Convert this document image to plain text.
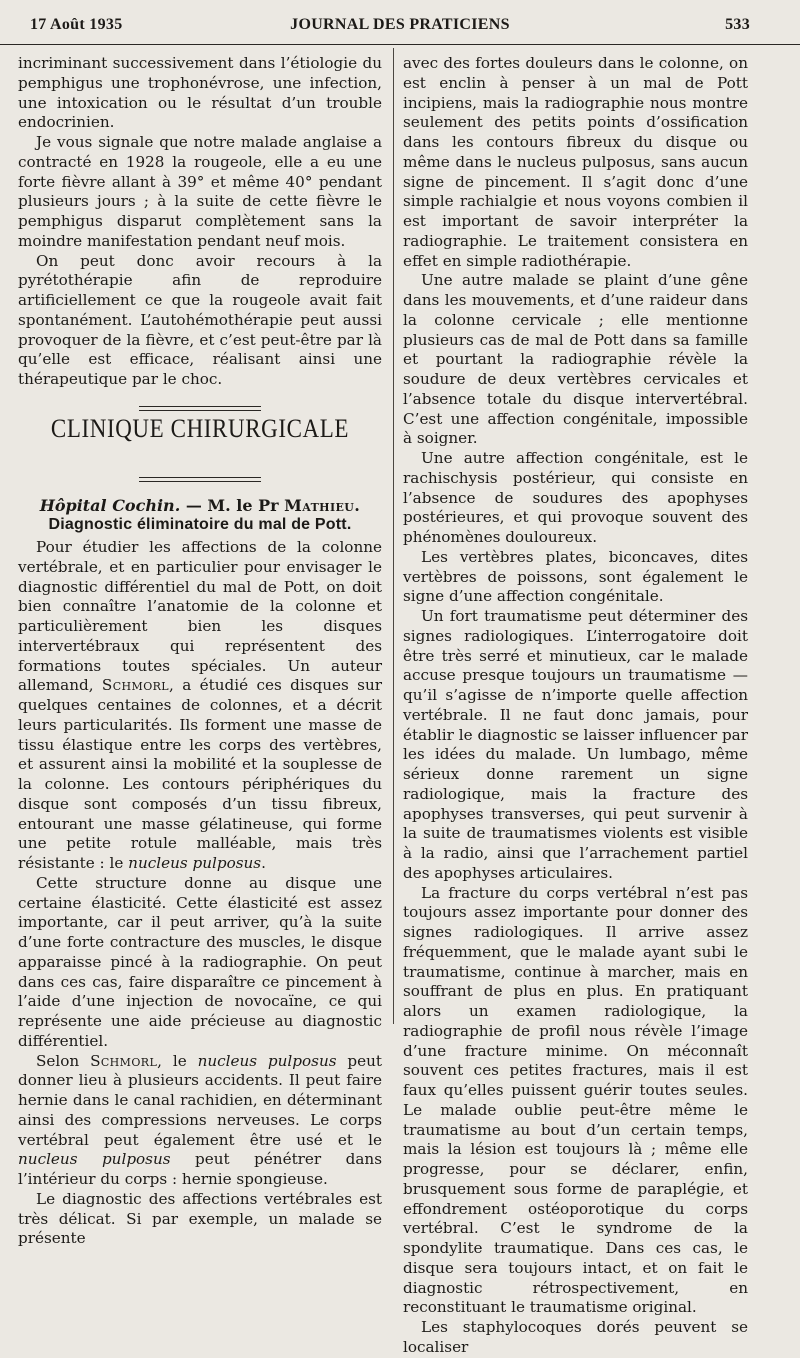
17 Août 1935	JOURNAL DES PRATICIENS	533

incriminant successivement dans l’étiologie du pemphigus une trophonévrose, une infection, une intoxication ou le résultat d’un trouble endocrinien.

Je vous signale que notre malade anglaise a contracté en 1928 la rougeole, elle a eu une forte fièvre allant à 39° et même 40° pendant plusieurs jours ; à la suite de cette fièvre le pemphigus disparut complètement sans la moindre manifestation pendant neuf mois.

On peut donc avoir recours à la pyrétothérapie afin de reproduire artificiellement ce que la rougeole avait fait spontanément. L’autohémothérapie peut aussi provoquer de la fièvre, et c’est peut-être par là qu’elle est efficace, réalisant ainsi une thérapeutique par le choc.

CLINIQUE CHIRURGICALE
Hôpital Cochin. — M. le Pr Mathieu.
Diagnostic éliminatoire du mal de Pott.

Pour étudier les affections de la colonne vertébrale, et en particulier pour envisager le diagnostic différentiel du mal de Pott, on doit bien connaître l’anatomie de la colonne et particulièrement bien les disques intervertébraux qui représentent des formations toutes spéciales. Un auteur allemand, Schmorl, a étudié ces disques sur quelques centaines de colonnes, et a décrit leurs particularités. Ils forment une masse de tissu élastique entre les corps des vertèbres, et assurent ainsi la mobilité et la souplesse de la colonne. Les contours périphériques du disque sont composés d’un tissu fibreux, entourant une masse gélatineuse, qui forme une petite rotule malléable, mais très résistante : le nucleus pulposus.

Cette structure donne au disque une certaine élasticité. Cette élasticité est assez importante, car il peut arriver, qu’à la suite d’une forte contracture des muscles, le disque apparaisse pincé à la radiographie. On peut dans ces cas, faire disparaître ce pincement à l’aide d’une injection de novocaïne, ce qui représente une aide précieuse au diagnostic différentiel.

Selon Schmorl, le nucleus pulposus peut donner lieu à plusieurs accidents. Il peut faire hernie dans le canal rachidien, en déterminant ainsi des compressions nerveuses. Le corps vertébral peut également être usé et le nucleus pulposus peut pénétrer dans l’intérieur du corps : hernie spongieuse.

Le diagnostic des affections vertébrales est très délicat. Si par exemple, un malade se présente

avec des fortes douleurs dans le colonne, on est enclin à penser à un mal de Pott incipiens, mais la radiographie nous montre seulement des petits points d’ossification dans les contours fibreux du disque ou même dans le nucleus pulposus, sans aucun signe de pincement. Il s’agit donc d’une simple rachialgie et nous voyons combien il est important de savoir interpréter la radiographie. Le traitement consistera en effet en simple radiothérapie.

Une autre malade se plaint d’une gêne dans les mouvements, et d’une raideur dans la colonne cervicale ; elle mentionne plusieurs cas de mal de Pott dans sa famille et pourtant la radiographie révèle la soudure de deux vertèbres cervicales et l’absence totale du disque intervertébral. C’est une affection congénitale, impossible à soigner.

Une autre affection congénitale, est le rachischysis postérieur, qui consiste en l’absence de soudures des apophyses postérieures, et qui provoque souvent des phénomènes douloureux.

Les vertèbres plates, biconcaves, dites vertèbres de poissons, sont également le signe d’une affection congénitale.

Un fort traumatisme peut déterminer des signes radiologiques. L’interrogatoire doit être très serré et minutieux, car le malade accuse presque toujours un traumatisme — qu’il s’agisse de n’importe quelle affection vertébrale. Il ne faut donc jamais, pour établir le diagnostic se laisser influencer par les idées du malade. Un lumbago, même sérieux donne rarement un signe radiologique, mais la fracture des apophyses transverses, qui peut survenir à la suite de traumatismes violents est visible à la radio, ainsi que l’arrachement partiel des apophyses articulaires.

La fracture du corps vertébral n’est pas toujours assez importante pour donner des signes radiologiques. Il arrive assez fréquemment, que le malade ayant subi le traumatisme, continue à marcher, mais en souffrant de plus en plus. En pratiquant alors un examen radiologique, la radiographie de profil nous révèle l’image d’une fracture minime. On méconnaît souvent ces petites fractures, mais il est faux qu’elles puissent guérir toutes seules. Le malade oublie peut-être même le traumatisme au bout d’un certain temps, mais la lésion est toujours là ; même elle progresse, pour se déclarer, enfin, brusquement sous forme de paraplégie, et effondrement ostéoporotique du corps vertébral. C’est le syndrome de la spondylite traumatique. Dans ces cas, le disque sera toujours intact, et on fait le diagnostic rétrospectivement, en reconstituant le traumatisme original.

Les staphylocoques dorés peuvent se localiser
